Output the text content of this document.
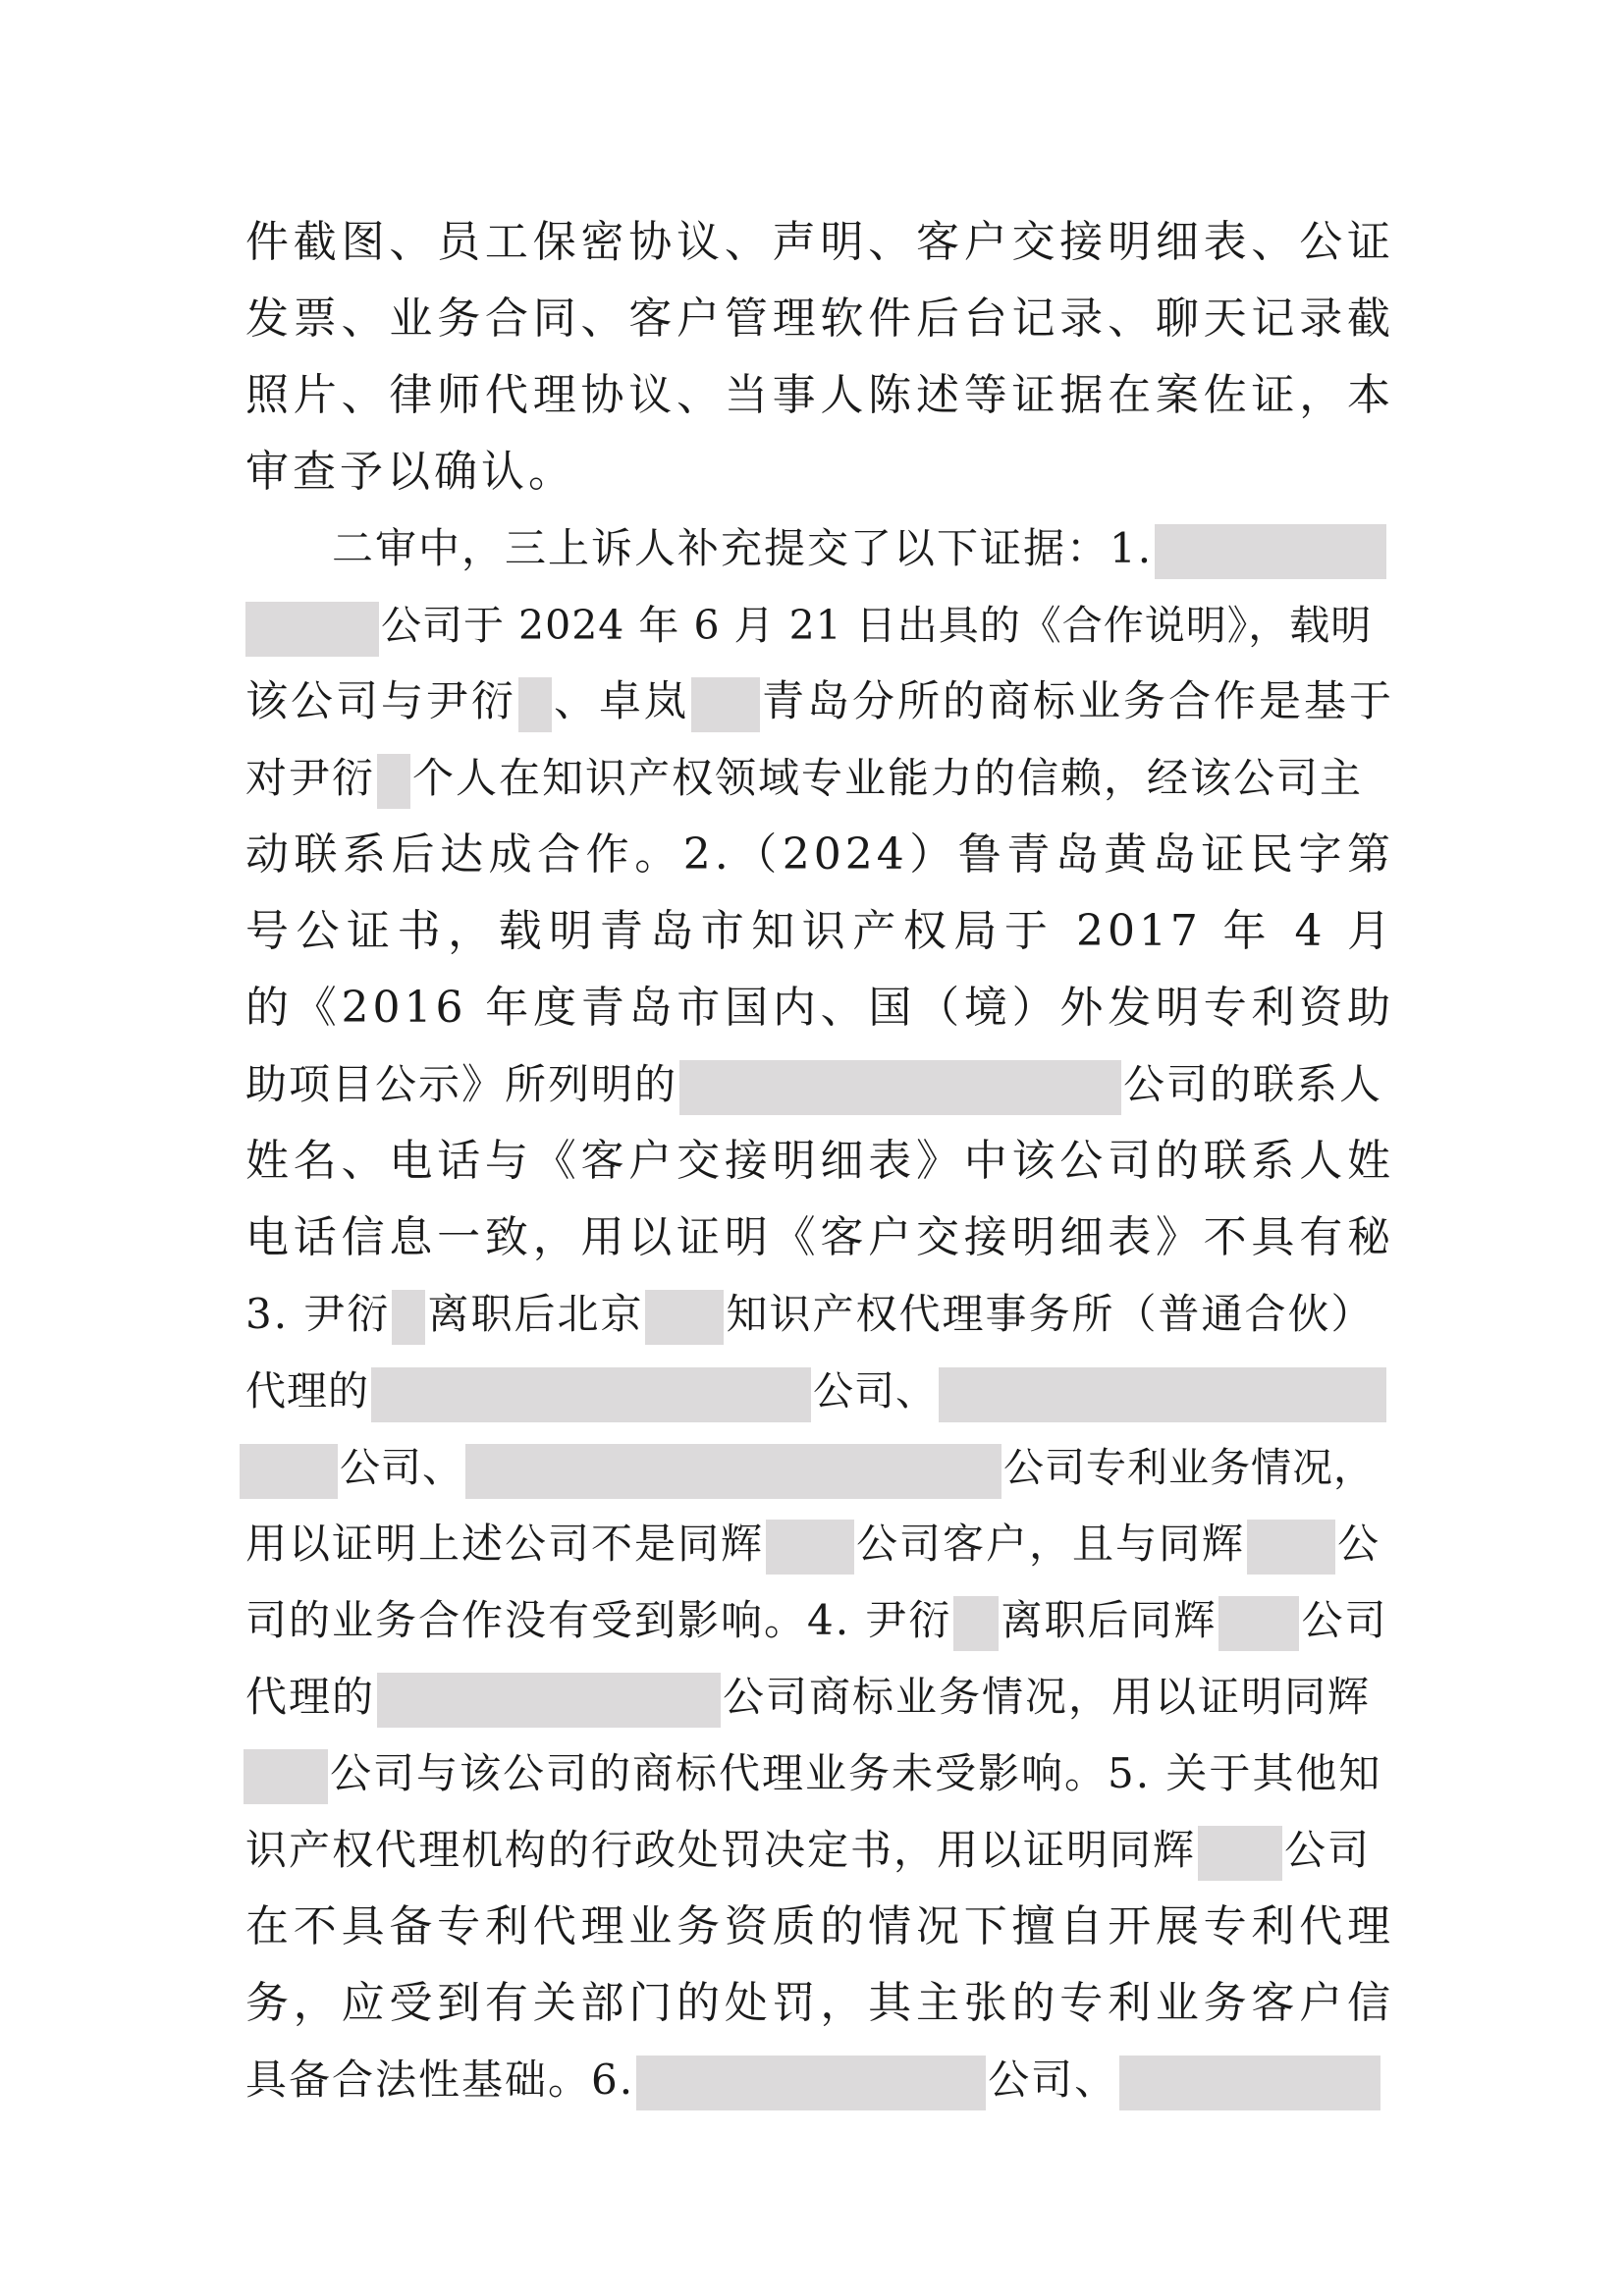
件截图、员工保密协议、声明、客户交接明细表、公证
发票、业务合同、客户管理软件后台记录、聊天记录截
照片、律师代理协议、当事人陈述等证据在案佐证，本
审查予以确认。
二审中，三上诉人补充提交了以下证据：1.
公司于 2024 年 6 月 21 日出具的《合作说明》，载明
该公司与尹衍 、卓岚 青岛分所的商标业务合作是基于
对尹衍 个人在知识产权领域专业能力的信赖，经该公司主
动联系后达成合作。2.（2024）鲁青岛黄岛证民字第
号公证书，载明青岛市知识产权局于 2017 年 4 月
的《2016 年度青岛市国内、国（境）外发明专利资助
助项目公示》所列明的	公司的联系人
姓名、电话与《客户交接明细表》中该公司的联系人姓
电话信息一致，用以证明《客户交接明细表》不具有秘
3. 尹衍 离职后北京 知识产权代理事务所（普通合伙）
代理的	公司、
公司、	公司专利业务情况，
用以证明上述公司不是同辉 公司客户，且与同辉 公
司的业务合作没有受到影响。4. 尹衍 离职后同辉 公司
代理的	公司商标业务情况，用以证明同辉
公司与该公司的商标代理业务未受影响。5. 关于其他知
识产权代理机构的行政处罚决定书，用以证明同辉 公司
在不具备专利代理业务资质的情况下擅自开展专利代理
务，应受到有关部门的处罚，其主张的专利业务客户信
具备合法性基础。6.	公司、
